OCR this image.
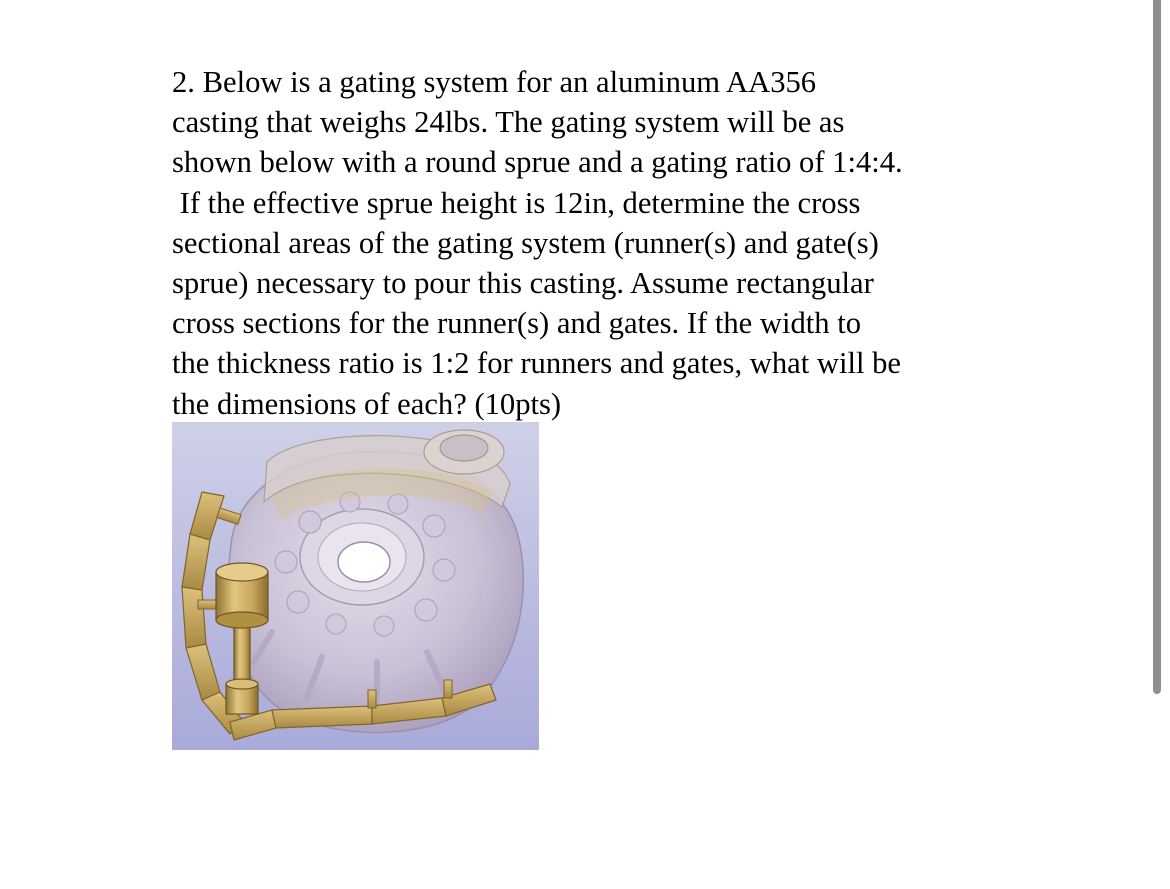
2. Below is a gating system for an aluminum AA356
casting that weighs 24lbs. The gating system will be as
shown below with a round sprue and a gating ratio of 1:4:4.
If the effective sprue height is 12in, determine the cross
sectional areas of the gating system (runner(s) and gate(s)
sprue) necessary to pour this casting. Assume rectangular
cross sections for the runner(s) and gates. If the width to
the thickness ratio is 1:2 for runners and gates, what will be
the dimensions of each? (10pts)
